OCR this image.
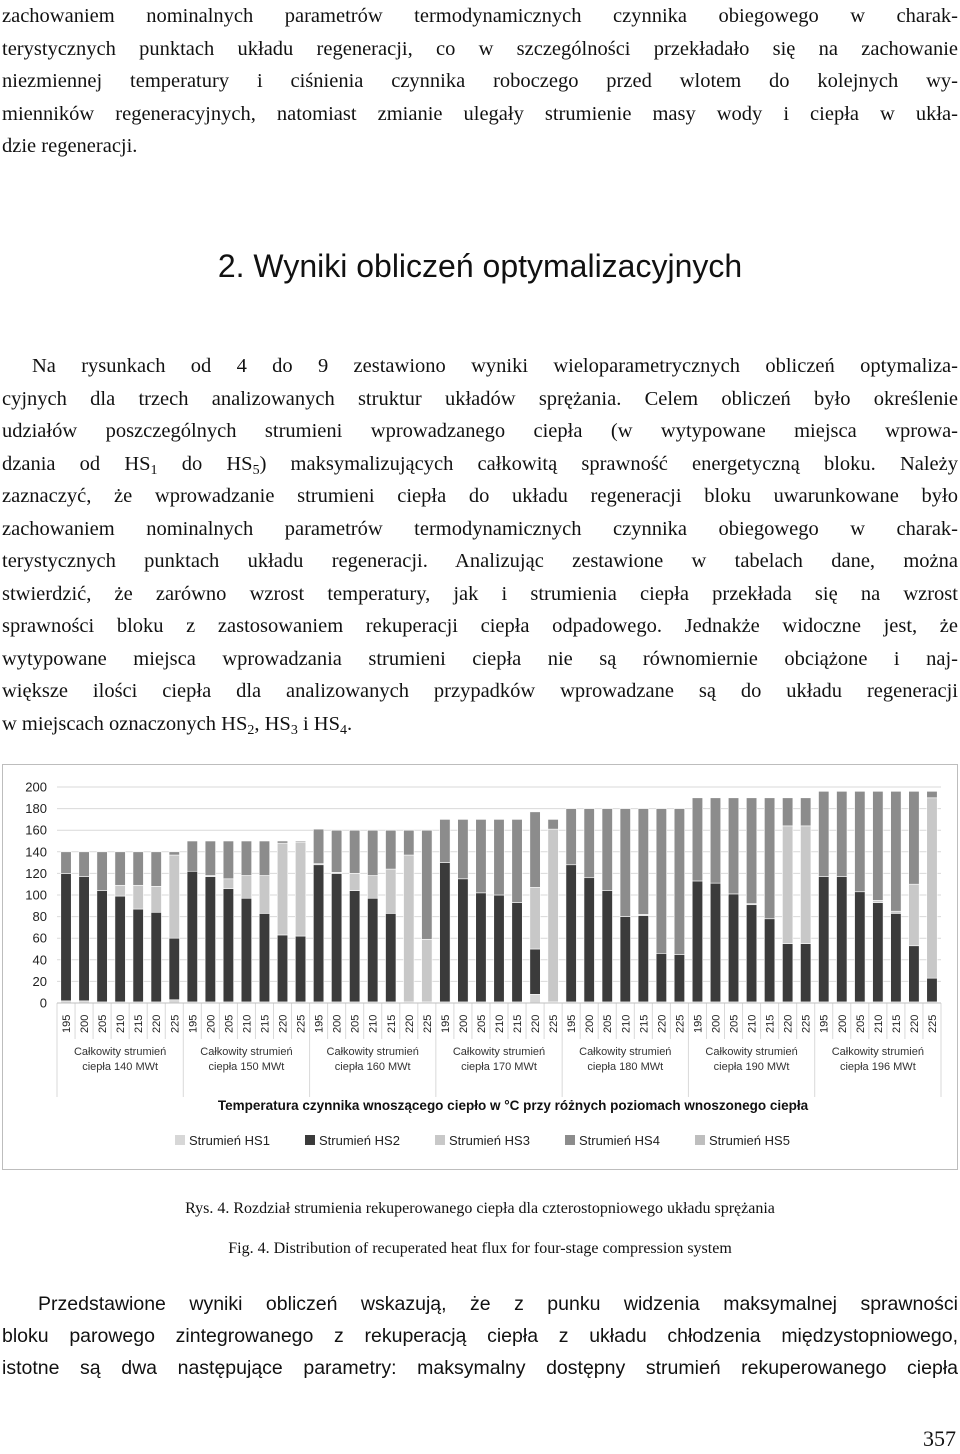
zachowaniem nominalnych parametrów termodynamicznych czynnika obiegowego w charak-
terystycznych punktach układu regeneracji, co w szczególności przekładało się na zachowanie
niezmiennej temperatury i ciśnienia czynnika roboczego przed wlotem do kolejnych wy-
mienników regeneracyjnych, natomiast zmianie ulegały strumienie masy wody i ciepła w ukła-
dzie regeneracji.
2. Wyniki obliczeń optymalizacyjnych
Na rysunkach od 4 do 9 zestawiono wyniki wieloparametrycznych obliczeń optymaliza-
cyjnych dla trzech analizowanych struktur układów sprężania. Celem obliczeń było określenie
udziałów poszczególnych strumieni wprowadzanego ciepła (w wytypowane miejsca wprowa-
dzania od $HS_1$ do $HS_5$) maksymalizujących całkowitą sprawność energetyczną bloku. Należy
zaznaczyć, że wprowadzanie strumieni ciepła do układu regeneracji bloku uwarunkowane było
zachowaniem nominalnych parametrów termodynamicznych czynnika obiegowego w charak-
terystycznych punktach układu regeneracji. Analizując zestawione w tabelach dane, można
stwierdzić, że zarówno wzrost temperatury, jak i strumienia ciepła przekłada się na wzrost
sprawności bloku z zastosowaniem rekuperacji ciepła odpadowego. Jednakże widoczne jest, że
wytypowane miejsca wprowadzania strumieni ciepła nie są równomiernie obciążone i naj-
większe ilości ciepła dla analizowanych przypadków wprowadzane są do układu regeneracji
w miejscach oznaczonych $HS_2$, $HS_3$ i $HS_4$.
0
20
40
60
80
100
120
140
160
180
200
195 200 205 210 215 220 225
Całkowity strumień
ciepła 140 MWt
195 200 205 210 215 220 225
Całkowity strumień
ciepła 150 MWt
195 200 205 210 215 220 225
Całkowity strumień
ciepła 160 MWt
195 200 205 210 215 220 225
Całkowity strumień
ciepła 170 MWt
195 200 205 210 215 220 225
Całkowity strumień
ciepła 180 MWt
195 200 205 210 215 220 225
Całkowity strumień
ciepła 190 MWt
195 200 205 210 215 220 225
Całkowity strumień
ciepła 196 MWt
Temperatura czynnika wnoszącego ciepło w °C przy różnych poziomach wnoszonego ciepła
Strumień HS1	Strumień HS2	Strumień HS3	Strumień HS4	Strumień HS5

Rys. 4. Rozdział strumienia rekuperowanego ciepła dla czterostopniowego układu sprężania

Fig. 4. Distribution of recuperated heat flux for four-stage compression system

Przedstawione wyniki obliczeń wskazują, że z punku widzenia maksymalnej sprawności
bloku parowego zintegrowanego z rekuperacją ciepła z układu chłodzenia międzystopniowego,
istotne są dwa następujące parametry: maksymalny dostępny strumień rekuperowanego ciepła

357
